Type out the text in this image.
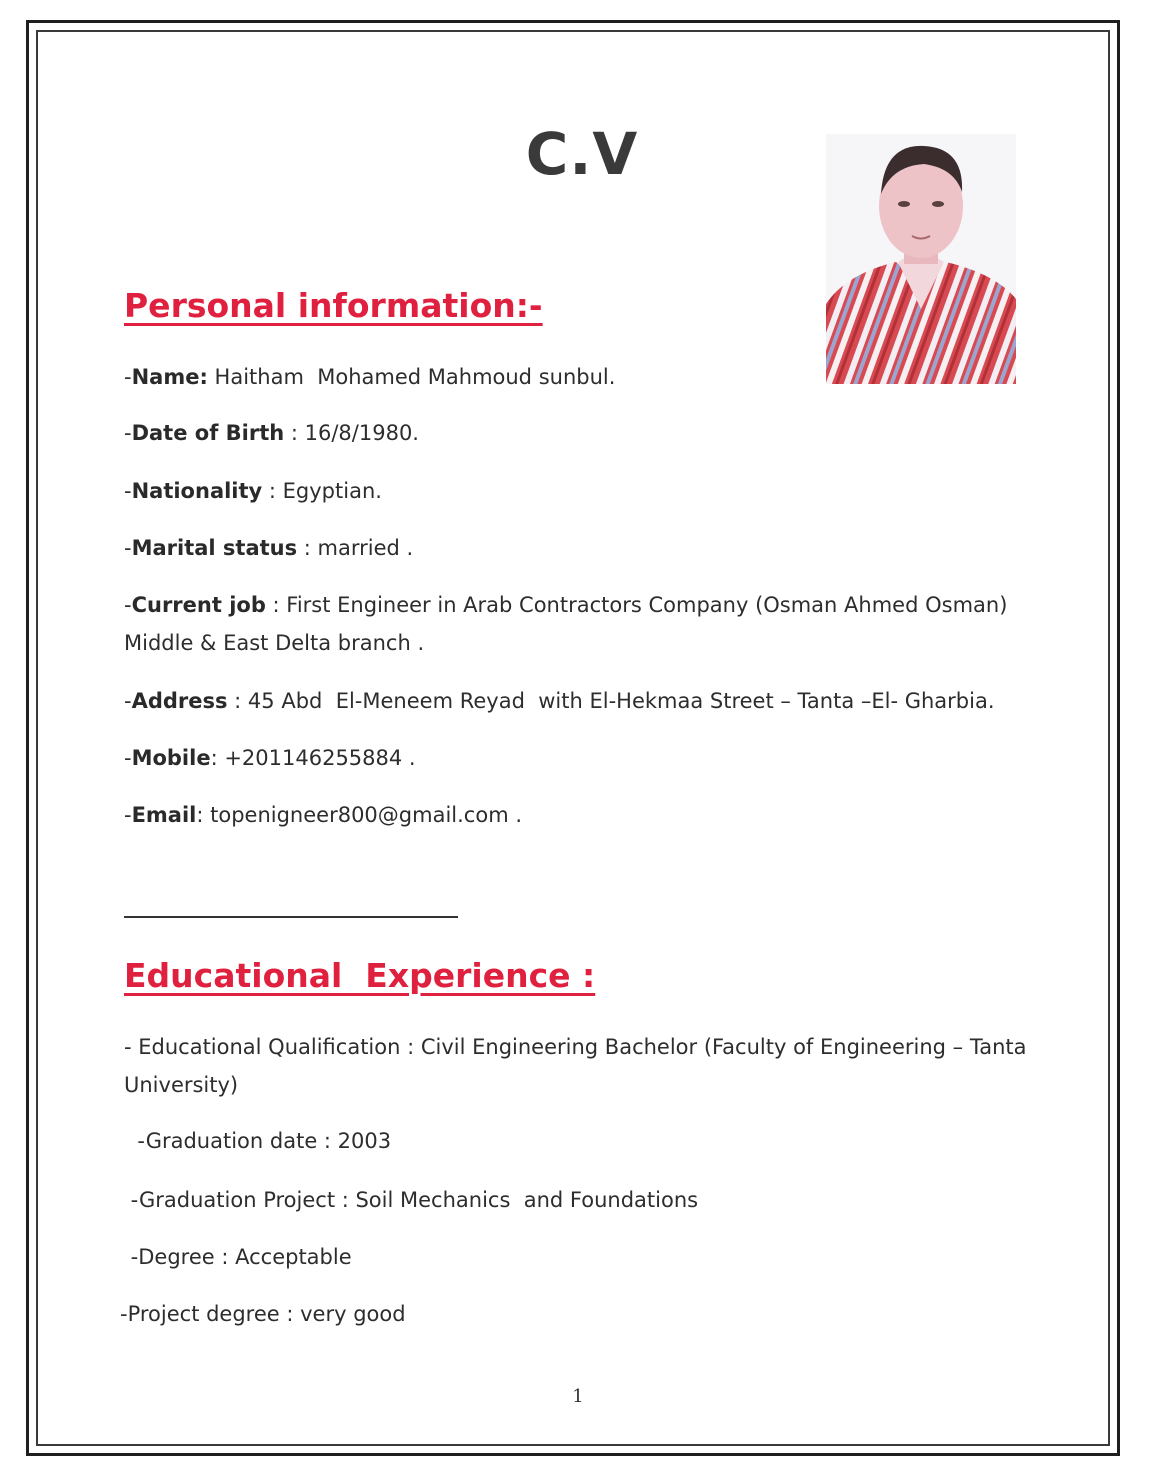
C.V
Personal information:-
-Name: Haitham  Mohamed Mahmoud sunbul.
-Date of Birth : 16/8/1980.
-Nationality : Egyptian.
-Marital status : married .
-Current job : First Engineer in Arab Contractors Company (Osman Ahmed Osman) Middle & East Delta branch .
-Address : 45 Abd  El-Meneem Reyad  with El-Hekmaa Street – Tanta –El- Gharbia.
-Mobile: +201146255884 .
-Email: topenigneer800@gmail.com .
Educational  Experience :
- Educational Qualification : Civil Engineering Bachelor (Faculty of Engineering – Tanta University)
-Graduation date : 2003
-Graduation Project : Soil Mechanics  and Foundations
-Degree : Acceptable
-Project degree : very good
1
